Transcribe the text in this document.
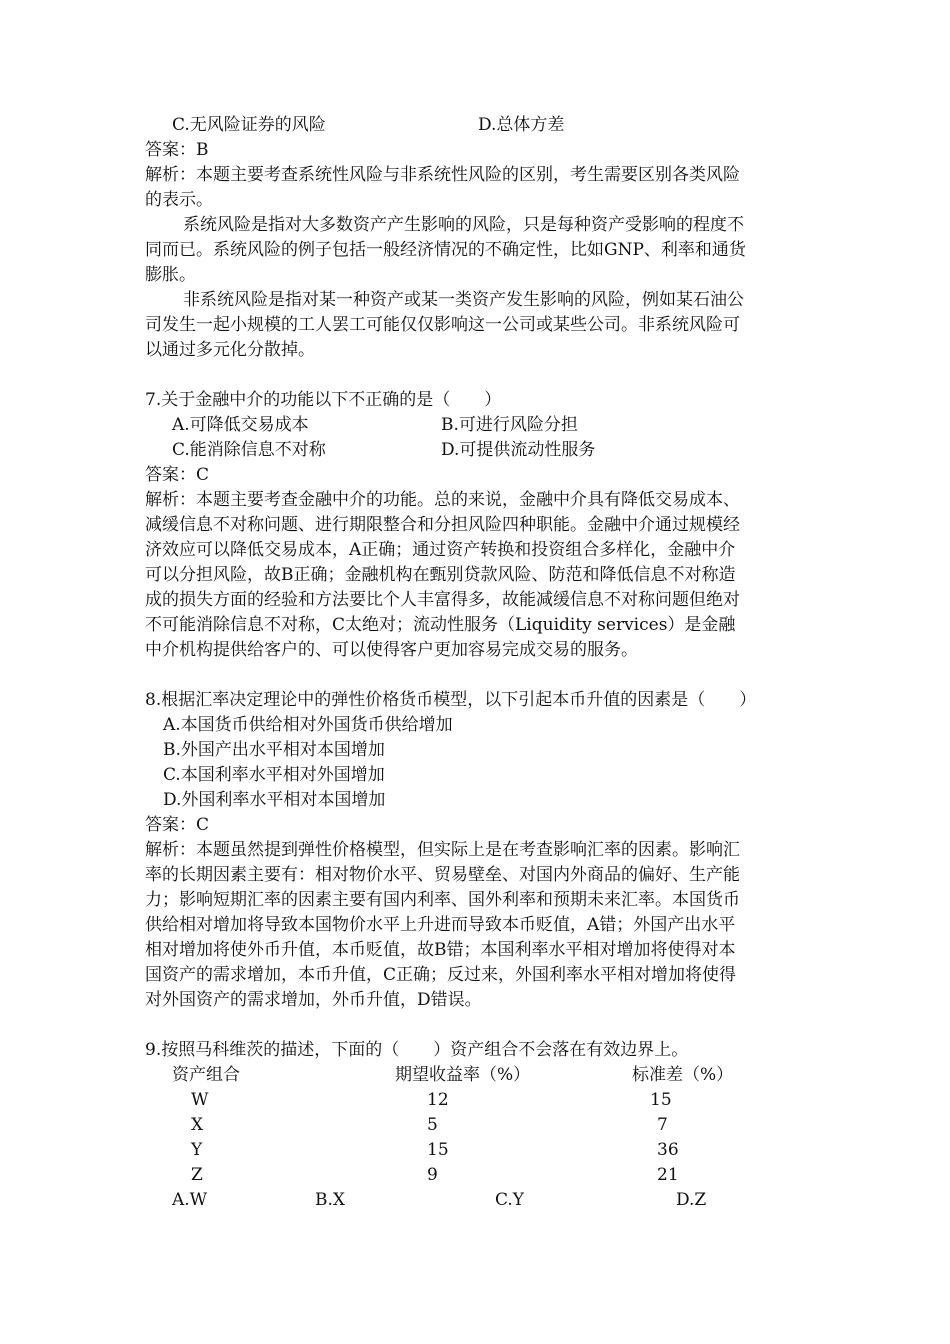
C.无风险证券的风险	D.总体方差
答案：B
解析：本题主要考查系统性风险与非系统性风险的区别，考生需要区别各类风险
的表示。
系统风险是指对大多数资产产生影响的风险，只是每种资产受影响的程度不
同而已。系统风险的例子包括一般经济情况的不确定性，比如GNP、利率和通货
膨胀。
非系统风险是指对某一种资产或某一类资产发生影响的风险，例如某石油公
司发生一起小规模的工人罢工可能仅仅影响这一公司或某些公司。非系统风险可
以通过多元化分散掉。
7.关于金融中介的功能以下不正确的是（　　）
A.可降低交易成本	B.可进行风险分担
C.能消除信息不对称	D.可提供流动性服务
答案：C
解析：本题主要考查金融中介的功能。总的来说，金融中介具有降低交易成本、
减缓信息不对称问题、进行期限整合和分担风险四种职能。金融中介通过规模经
济效应可以降低交易成本，A正确；通过资产转换和投资组合多样化，金融中介
可以分担风险，故B正确；金融机构在甄别贷款风险、防范和降低信息不对称造
成的损失方面的经验和方法要比个人丰富得多，故能减缓信息不对称问题但绝对
不可能消除信息不对称，C太绝对；流动性服务（Liquidity services）是金融
中介机构提供给客户的、可以使得客户更加容易完成交易的服务。
8.根据汇率决定理论中的弹性价格货币模型，以下引起本币升值的因素是（　　）
A.本国货币供给相对外国货币供给增加
B.外国产出水平相对本国增加
C.本国利率水平相对外国增加
D.外国利率水平相对本国增加
答案：C
解析：本题虽然提到弹性价格模型，但实际上是在考查影响汇率的因素。影响汇
率的长期因素主要有：相对物价水平、贸易壁垒、对国内外商品的偏好、生产能
力；影响短期汇率的因素主要有国内利率、国外利率和预期未来汇率。本国货币
供给相对增加将导致本国物价水平上升进而导致本币贬值，A错；外国产出水平
相对增加将使外币升值，本币贬值，故B错；本国利率水平相对增加将使得对本
国资产的需求增加，本币升值，C正确；反过来，外国利率水平相对增加将使得
对外国资产的需求增加，外币升值，D错误。
9.按照马科维茨的描述，下面的（　　）资产组合不会落在有效边界上。
资产组合	期望收益率（%）	标准差（%）
W	12	15
X	5	7
Y	15	36
Z	9	21
A.W	B.X	C.Y	D.Z
